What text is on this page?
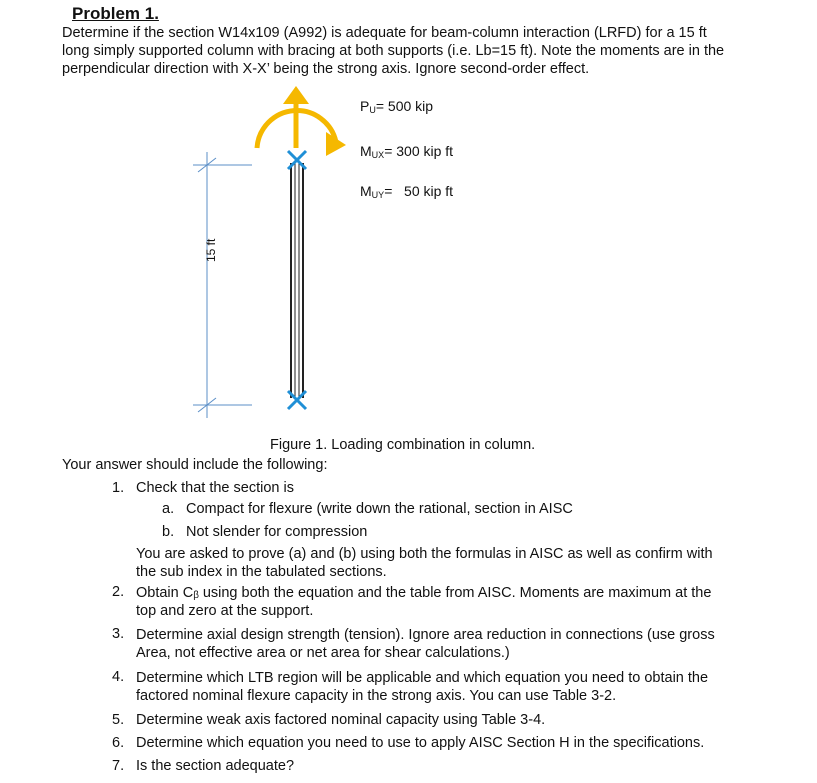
Problem 1.
Determine if the section W14x109 (A992) is adequate for beam-column interaction (LRFD) for a 15 ft
long simply supported column with bracing at both supports (i.e. Lb=15 ft). Note the moments are in the
perpendicular direction with X-X’ being the strong axis. Ignore second-order effect.
$P_U= 500$ kip
$M_{UX}= 300$ kip ft
$M_{UY}= 50$ kip ft
15 ft
Figure 1. Loading combination in column.
Your answer should include the following:
1. Check that the section is
a. Compact for flexure (write down the rational, section in AISC
b. Not slender for compression
You are asked to prove (a) and (b) using both the formulas in AISC as well as confirm with
the sub index in the tabulated sections.
2. Obtain Cᵦ using both the equation and the table from AISC. Moments are maximum at the
top and zero at the support.
3. Determine axial design strength (tension). Ignore area reduction in connections (use gross
Area, not effective area or net area for shear calculations.)
4. Determine which LTB region will be applicable and which equation you need to obtain the
factored nominal flexure capacity in the strong axis. You can use Table 3-2.
5. Determine weak axis factored nominal capacity using Table 3-4.
6. Determine which equation you need to use to apply AISC Section H in the specifications.
7. Is the section adequate?
